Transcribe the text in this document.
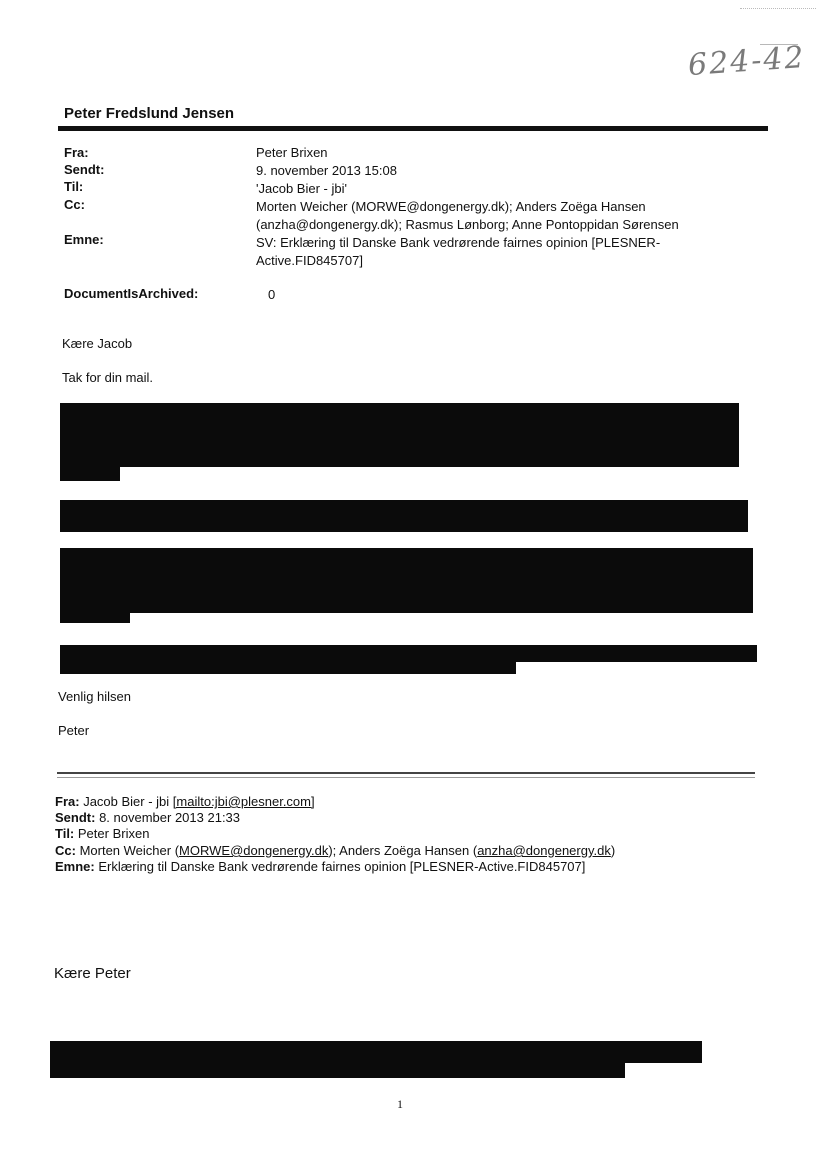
624-42
Peter Fredslund Jensen
Fra:	Peter Brixen
Sendt:	9. november 2013 15:08
Til:	'Jacob Bier - jbi'
Cc:	Morten Weicher (MORWE@dongenergy.dk); Anders Zoëga Hansen
(anzha@dongenergy.dk); Rasmus Lønborg; Anne Pontoppidan Sørensen
Emne:	SV: Erklæring til Danske Bank vedrørende fairnes opinion [PLESNER-
Active.FID845707]
DocumentIsArchived:	0
Kære Jacob
Tak for din mail.
Venlig hilsen
Peter
Fra: Jacob Bier - jbi [mailto:jbi@plesner.com]
Sendt: 8. november 2013 21:33
Til: Peter Brixen
Cc: Morten Weicher (MORWE@dongenergy.dk); Anders Zoëga Hansen (anzha@dongenergy.dk)
Emne: Erklæring til Danske Bank vedrørende fairnes opinion [PLESNER-Active.FID845707]
Kære Peter
1
